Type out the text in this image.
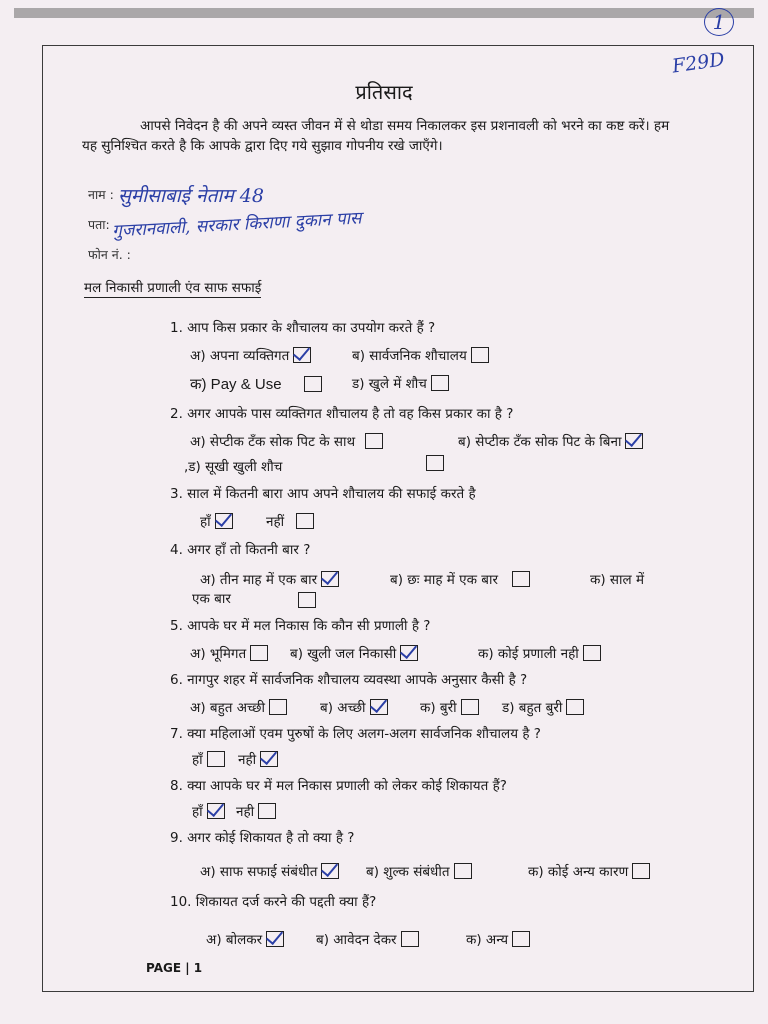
1
F29D
प्रतिसाद
आपसे निवेदन है की अपने व्यस्त जीवन में से थोडा समय निकालकर इस प्रशनावली को भरने का कष्ट करें। हम यह सुनिश्चित करते है कि आपके द्वारा दिए गये सुझाव गोपनीय रखे जाएँगे।
नाम : सुमीसाबाई नेताम 48
पता: गुजरानवाली, सरकार किराणा दुकान पास
फोन नं. :
मल निकासी प्रणाली एंव साफ सफाई
1. आप किस प्रकार के शौचालय का उपयोग करते हैं ?
अ) अपना व्यक्तिगत	ब) सार्वजनिक शौचालय
क) Pay & Use	ड) खुले में शौच
2. अगर आपके पास व्यक्तिगत शौचालय है तो वह किस प्रकार का है ?
अ) सेप्टीक टँक सोक पिट के साथ	ब) सेप्टीक टँक सोक पिट के बिना
,ड) सूखी खुली शौच
3. साल में कितनी बारा आप अपने शौचालय की सफाई करते है
हाँ	नहीं
4. अगर हाँ तो कितनी बार ?
अ) तीन माह में एक बार	ब) छः माह में एक बार	क) साल में
एक बार
5. आपके घर में मल निकास कि कौन सी प्रणाली है ?
अ) भूमिगत	ब) खुली जल निकासी	क) कोई प्रणाली नही
6. नागपुर शहर में सार्वजनिक शौचालय व्यवस्था आपके अनुसार कैसी है ?
अ) बहुत अच्छी	ब) अच्छी	क) बुरी	ड) बहुत बुरी
7. क्या महिलाओं एवम पुरुषों के लिए अलग-अलग सार्वजनिक शौचालय है ?
हाँ	नही
8. क्या आपके घर में मल निकास प्रणाली को लेकर कोई शिकायत हैं?
हाँ	नही
9. अगर कोई शिकायत है तो क्या है ?
अ) साफ सफाई संबंधीत	ब) शुल्क संबंधीत	क) कोई अन्य कारण
10. शिकायत दर्ज करने की पद्दती क्या हैं?
अ) बोलकर	ब) आवेदन देकर	क) अन्य
PAGE | 1
